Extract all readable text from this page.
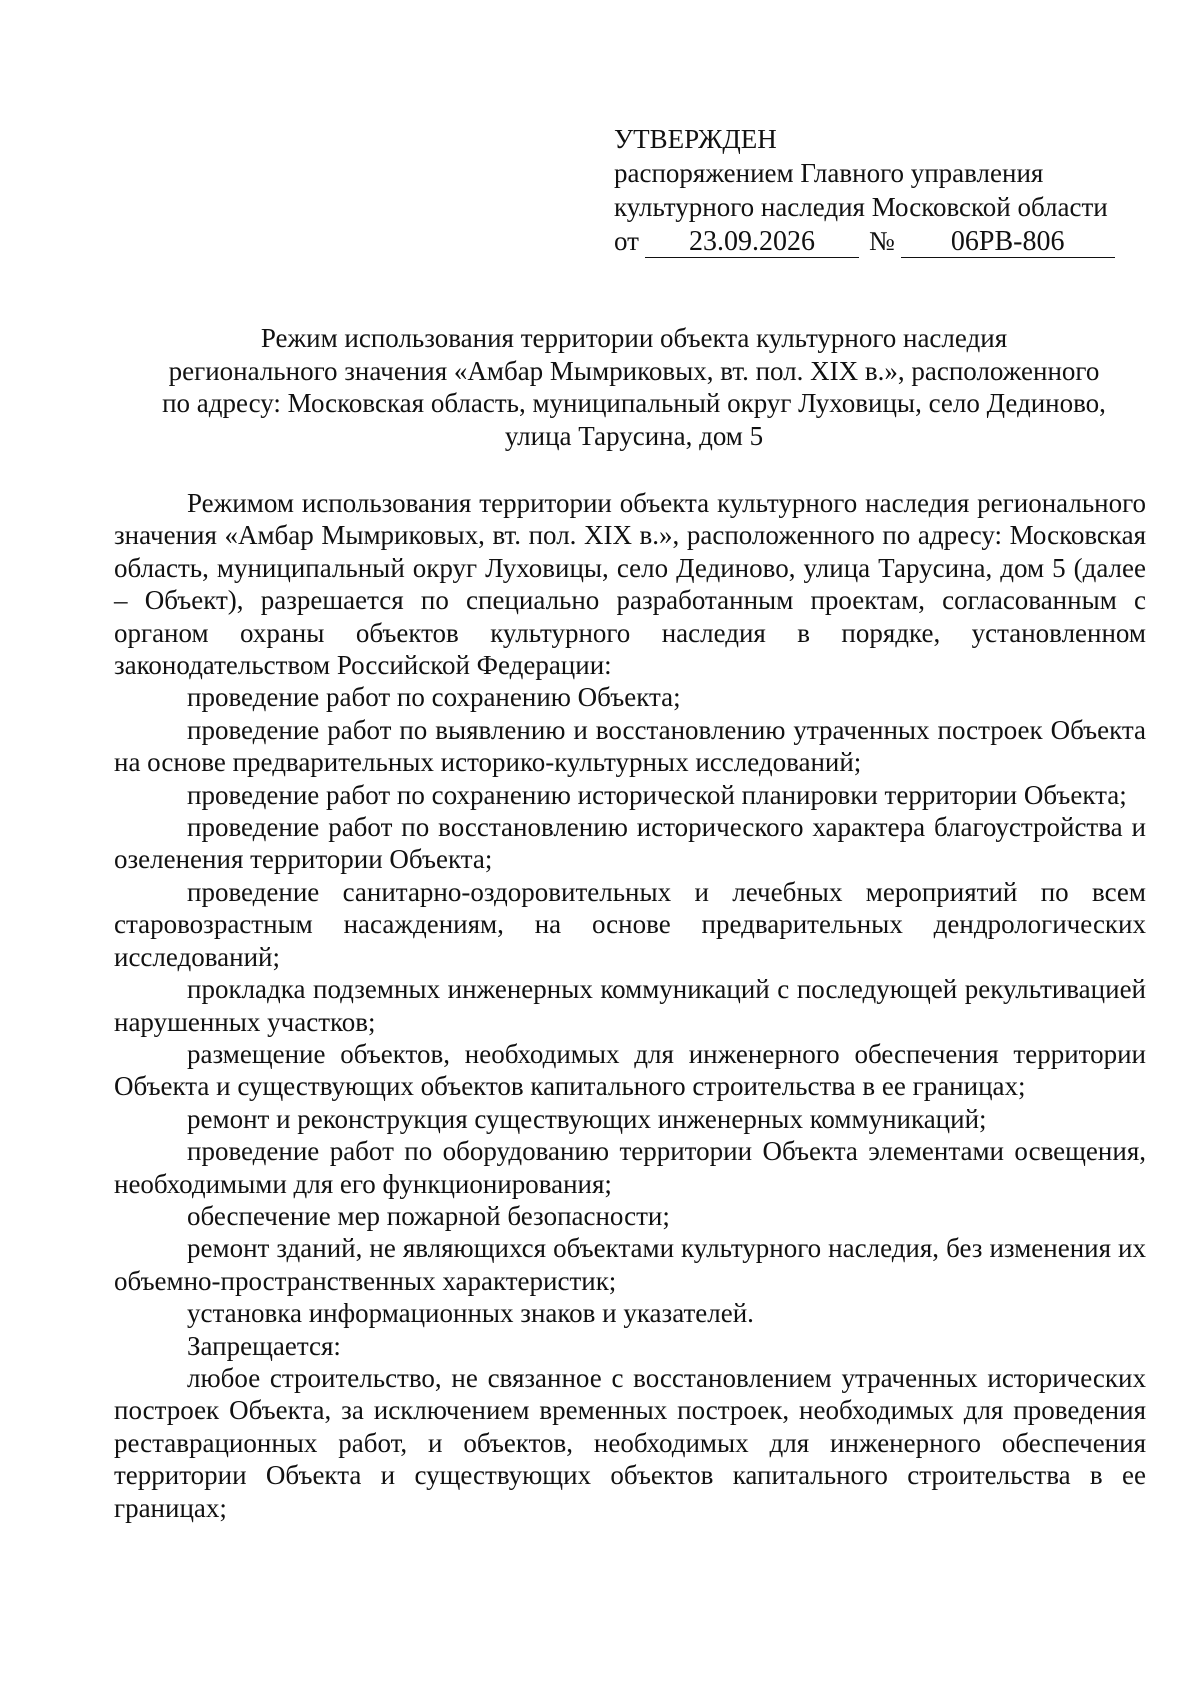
УТВЕРЖДЕН
распоряжением Главного управления
культурного наследия Московской области
от	23.09.2026	№	06РВ-806
Режим использования территории объекта культурного наследия
регионального значения «Амбар Мымриковых, вт. пол. XIX в.», расположенного
по адресу: Московская область, муниципальный округ Луховицы, село Дединово,
улица Тарусина, дом 5

Режимом использования территории объекта культурного наследия регионального значения «Амбар Мымриковых, вт. пол. XIX в.», расположенного по адресу: Московская область, муниципальный округ Луховицы, село Дединово, улица Тарусина, дом 5 (далее – Объект), разрешается по специально разработанным проектам, согласованным с органом охраны объектов культурного наследия в порядке, установленном законодательством Российской Федерации:

проведение работ по сохранению Объекта;

проведение работ по выявлению и восстановлению утраченных построек Объекта на основе предварительных историко-культурных исследований;

проведение работ по сохранению исторической планировки территории Объекта;

проведение работ по восстановлению исторического характера благоустройства и озеленения территории Объекта;

проведение санитарно-оздоровительных и лечебных мероприятий по всем старовозрастным насаждениям, на основе предварительных дендрологических исследований;

прокладка подземных инженерных коммуникаций с последующей рекультивацией нарушенных участков;

размещение объектов, необходимых для инженерного обеспечения территории Объекта и существующих объектов капитального строительства в ее границах;

ремонт и реконструкция существующих инженерных коммуникаций;

проведение работ по оборудованию территории Объекта элементами освещения, необходимыми для его функционирования;

обеспечение мер пожарной безопасности;

ремонт зданий, не являющихся объектами культурного наследия, без изменения их объемно-пространственных характеристик;

установка информационных знаков и указателей.

Запрещается:

любое строительство, не связанное с восстановлением утраченных исторических построек Объекта, за исключением временных построек, необходимых для проведения реставрационных работ, и объектов, необходимых для инженерного обеспечения территории Объекта и существующих объектов капитального строительства в ее границах;
